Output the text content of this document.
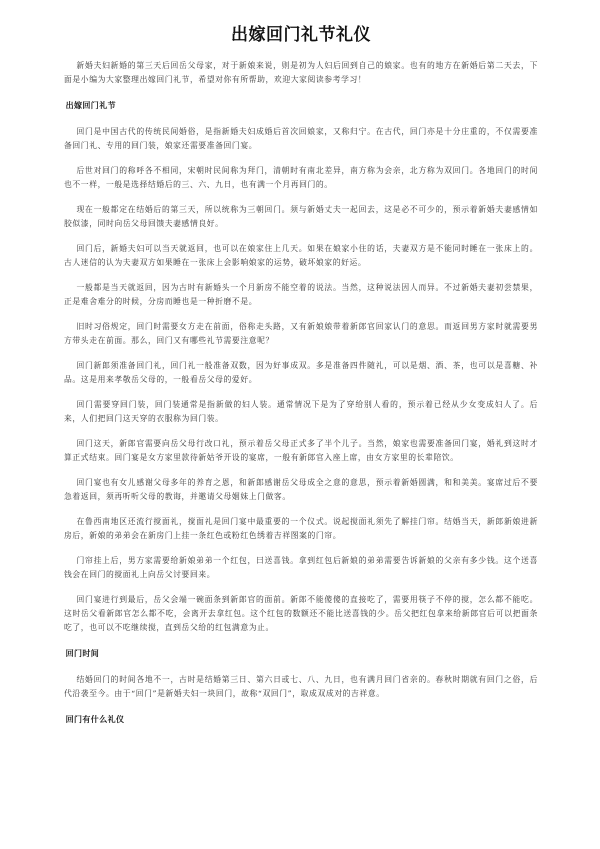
出嫁回门礼节礼仪
新婚夫妇新婚的第三天后回岳父母家，对于新娘来说，则是初为人妇后回到自己的娘家。也有的地方在新婚后第二天去，下面是小编为大家整理出嫁回门礼节，希望对你有所帮助，欢迎大家阅读参考学习！
出嫁回门礼节
回门是中国古代的传统民间婚俗，是指新婚夫妇成婚后首次回娘家，又称归宁。在古代，回门亦是十分庄重的，不仅需要准备回门礼、专用的回门装，娘家还需要准备回门宴。
后世对回门的称呼各不相同，宋朝时民间称为拜门，清朝时有南北差异，南方称为会亲，北方称为双回门。各地回门的时间也不一样，一般是选择结婚后的三、六、九日，也有满一个月再回门的。
现在一般都定在结婚后的第三天，所以统称为三朝回门。须与新婚丈夫一起回去，这是必不可少的，预示着新婚夫妻感情如胶似漆，同时向岳父母回馈夫妻感情良好。
回门后，新婚夫妇可以当天就返回，也可以在娘家住上几天。如果在娘家小住的话，夫妻双方是不能同时睡在一张床上的。古人迷信的认为夫妻双方如果睡在一张床上会影响娘家的运势，破坏娘家的好运。
一般都是当天就返回，因为古时有新婚头一个月新房不能空着的说法。当然，这种说法因人而异。不过新婚夫妻初尝禁果，正是难舍难分的时候，分房而睡也是一种折磨不是。
旧时习俗规定，回门时需要女方走在前面，俗称走头路，又有新娘娘带着新郎官回家认门的意思。而返回男方家时就需要男方带头走在前面。那么，回门又有哪些礼节需要注意呢？
回门新郎须准备回门礼，回门礼一般准备双数，因为好事成双。多是准备四件随礼，可以是烟、酒、茶，也可以是喜糖、补品。这是用来孝敬岳父母的，一般看岳父母的爱好。
回门需要穿回门装，回门装通常是指新做的妇人装。通常情况下是为了穿给别人看的，预示着已经从少女变成妇人了。后来，人们把回门这天穿的衣服称为回门装。
回门这天，新郎官需要向岳父母行改口礼，预示着岳父母正式多了半个儿子。当然，娘家也需要准备回门宴，婚礼到这时才算正式结束。回门宴是女方家里款待新姑爷开设的宴席，一般有新郎官入座上席，由女方家里的长辈陪饮。
回门宴也有女儿感谢父母多年的养育之恩，和新郎感谢岳父母成全之意的意思，预示着新婚圆满，和和美美。宴席过后不要急着返回，须再听听父母的教诲，并邀请父母姻妹上门做客。
在鲁西南地区还流行搅面礼，搅面礼是回门宴中最重要的一个仪式。说起搅面礼须先了解挂门帘。结婚当天，新郎新娘进新房后，新娘的弟弟会在新房门上挂一条红色或粉红色绣着吉祥图案的门帘。
门帘挂上后，男方家需要给新娘弟弟一个红包，曰送喜钱。拿到红包后新娘的弟弟需要告诉新娘的父亲有多少钱。这个送喜钱会在回门的搅面礼上向岳父讨要回来。
回门宴进行到最后，岳父会端一碗面条到新郎官的面前。新郎不能傻傻的直接吃了，需要用筷子不停的搅，怎么都不能吃。这时岳父看新郎官怎么都不吃，会离开去拿红包。这个红包的数额还不能比送喜钱的少。岳父把红包拿来给新郎官后可以把面条吃了，也可以不吃继续搅，直到岳父给的红包满意为止。
回门时间
结婚回门的时间各地不一，古时是结婚第三日、第六日或七、八、九日，也有满月回门省亲的。春秋时期就有回门之俗，后代沿袭至今。由于“回门”是新婚夫妇一块回门，故称“双回门”，取成双成对的吉祥意。
回门有什么礼仪
